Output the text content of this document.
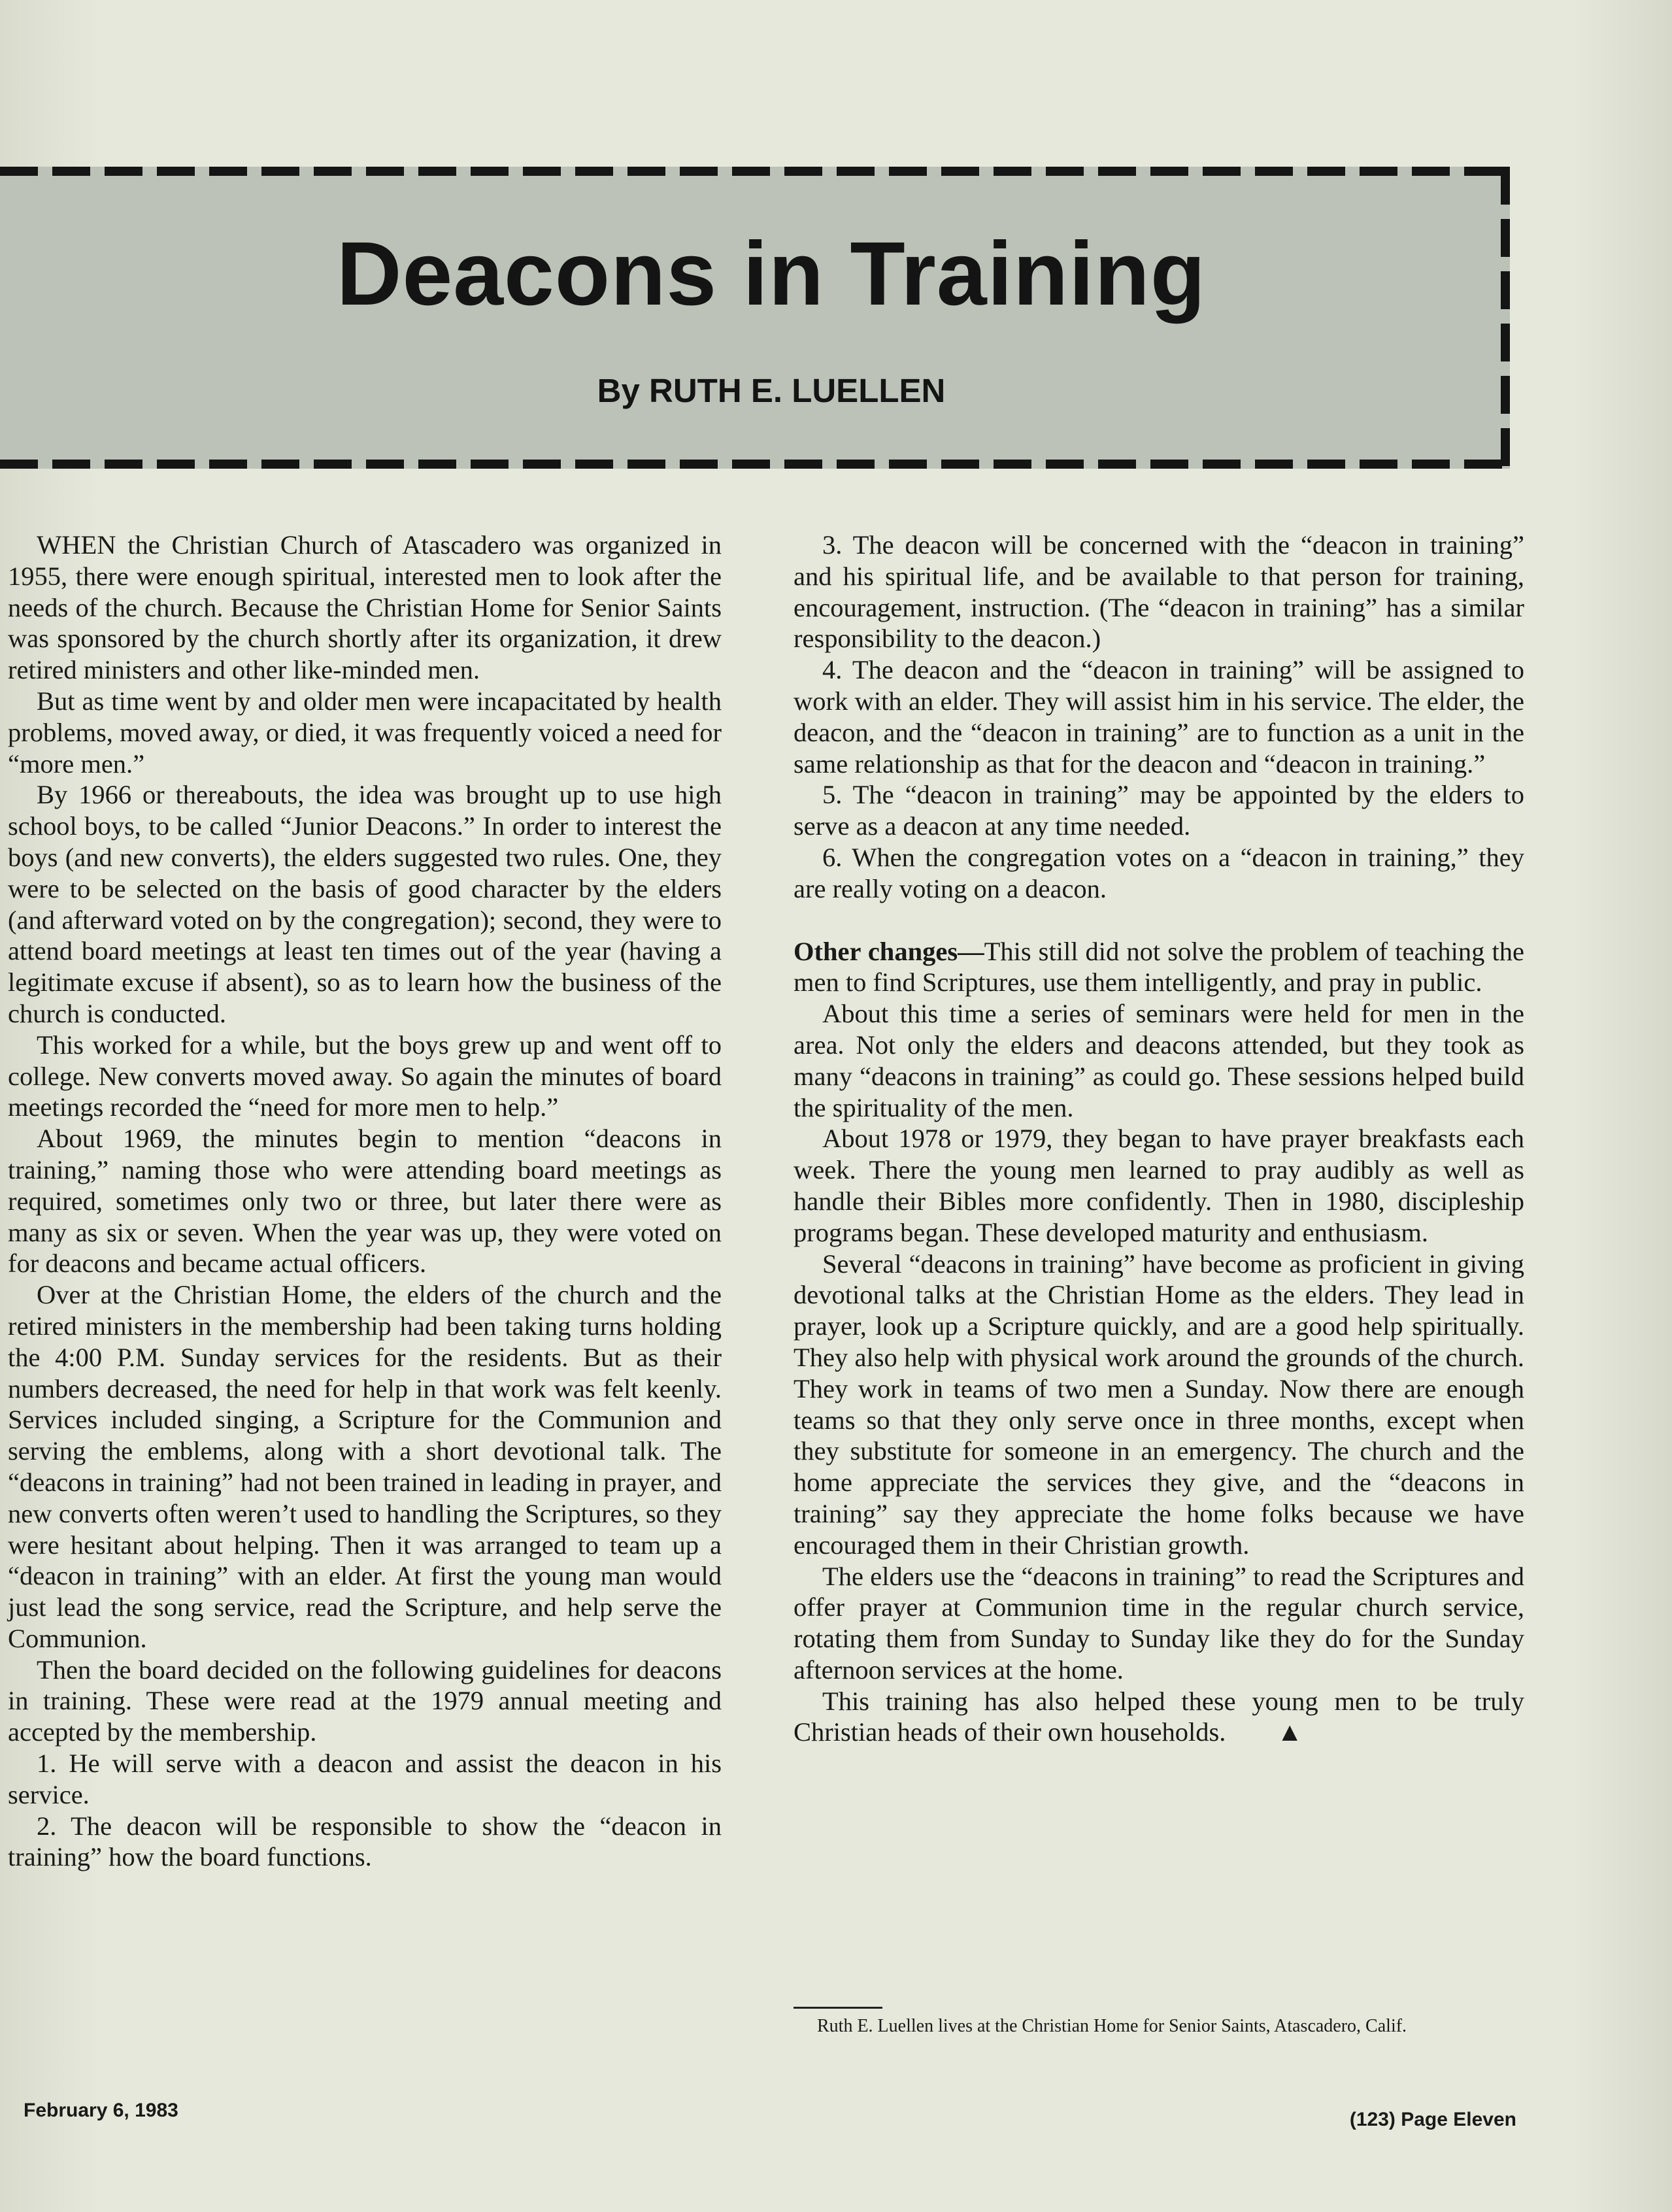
Deacons in Training
By RUTH E. LUELLEN

WHEN the Christian Church of Atascadero was organized in 1955, there were enough spiritual, interested men to look after the needs of the church. Because the Christian Home for Senior Saints was sponsored by the church shortly after its organization, it drew retired ministers and other like-minded men.

But as time went by and older men were incapacitated by health problems, moved away, or died, it was frequently voiced a need for “more men.”

By 1966 or thereabouts, the idea was brought up to use high school boys, to be called “Junior Deacons.” In order to interest the boys (and new converts), the elders suggested two rules. One, they were to be selected on the basis of good character by the elders (and afterward voted on by the congregation); second, they were to attend board meetings at least ten times out of the year (having a legitimate excuse if absent), so as to learn how the business of the church is conducted.

This worked for a while, but the boys grew up and went off to college. New converts moved away. So again the minutes of board meetings recorded the “need for more men to help.”

About 1969, the minutes begin to mention “deacons in training,” naming those who were attending board meetings as required, sometimes only two or three, but later there were as many as six or seven. When the year was up, they were voted on for deacons and became actual officers.

Over at the Christian Home, the elders of the church and the retired ministers in the membership had been taking turns holding the 4:00 P.M. Sunday services for the residents. But as their numbers decreased, the need for help in that work was felt keenly. Services included singing, a Scripture for the Communion and serving the emblems, along with a short devotional talk. The “deacons in training” had not been trained in leading in prayer, and new converts often weren’t used to handling the Scriptures, so they were hesitant about helping. Then it was arranged to team up a “deacon in training” with an elder. At first the young man would just lead the song service, read the Scripture, and help serve the Communion.

Then the board decided on the following guidelines for deacons in training. These were read at the 1979 annual meeting and accepted by the membership.

1. He will serve with a deacon and assist the deacon in his service.

2. The deacon will be responsible to show the “deacon in training” how the board functions.

3. The deacon will be concerned with the “deacon in training” and his spiritual life, and be available to that person for training, encouragement, instruction. (The “deacon in training” has a similar responsibility to the deacon.)

4. The deacon and the “deacon in training” will be assigned to work with an elder. They will assist him in his service. The elder, the deacon, and the “deacon in training” are to function as a unit in the same relationship as that for the deacon and “deacon in training.”

5. The “deacon in training” may be appointed by the elders to serve as a deacon at any time needed.

6. When the congregation votes on a “deacon in training,” they are really voting on a deacon.

Other changes—This still did not solve the problem of teaching the men to find Scriptures, use them intelligently, and pray in public.

About this time a series of seminars were held for men in the area. Not only the elders and deacons attended, but they took as many “deacons in training” as could go. These sessions helped build the spirituality of the men.

About 1978 or 1979, they began to have prayer breakfasts each week. There the young men learned to pray audibly as well as handle their Bibles more confidently. Then in 1980, discipleship programs began. These developed maturity and enthusiasm.

Several “deacons in training” have become as proficient in giving devotional talks at the Christian Home as the elders. They lead in prayer, look up a Scripture quickly, and are a good help spiritually. They also help with physical work around the grounds of the church. They work in teams of two men a Sunday. Now there are enough teams so that they only serve once in three months, except when they substitute for someone in an emergency. The church and the home appreciate the services they give, and the “deacons in training” say they appreciate the home folks because we have encouraged them in their Christian growth.

The elders use the “deacons in training” to read the Scriptures and offer prayer at Communion time in the regular church service, rotating them from Sunday to Sunday like they do for the Sunday afternoon services at the home.

This training has also helped these young men to be truly Christian heads of their own households. ▲

Ruth E. Luellen lives at the Christian Home for Senior Saints, Atascadero, Calif.
February 6, 1983	(123) Page Eleven
